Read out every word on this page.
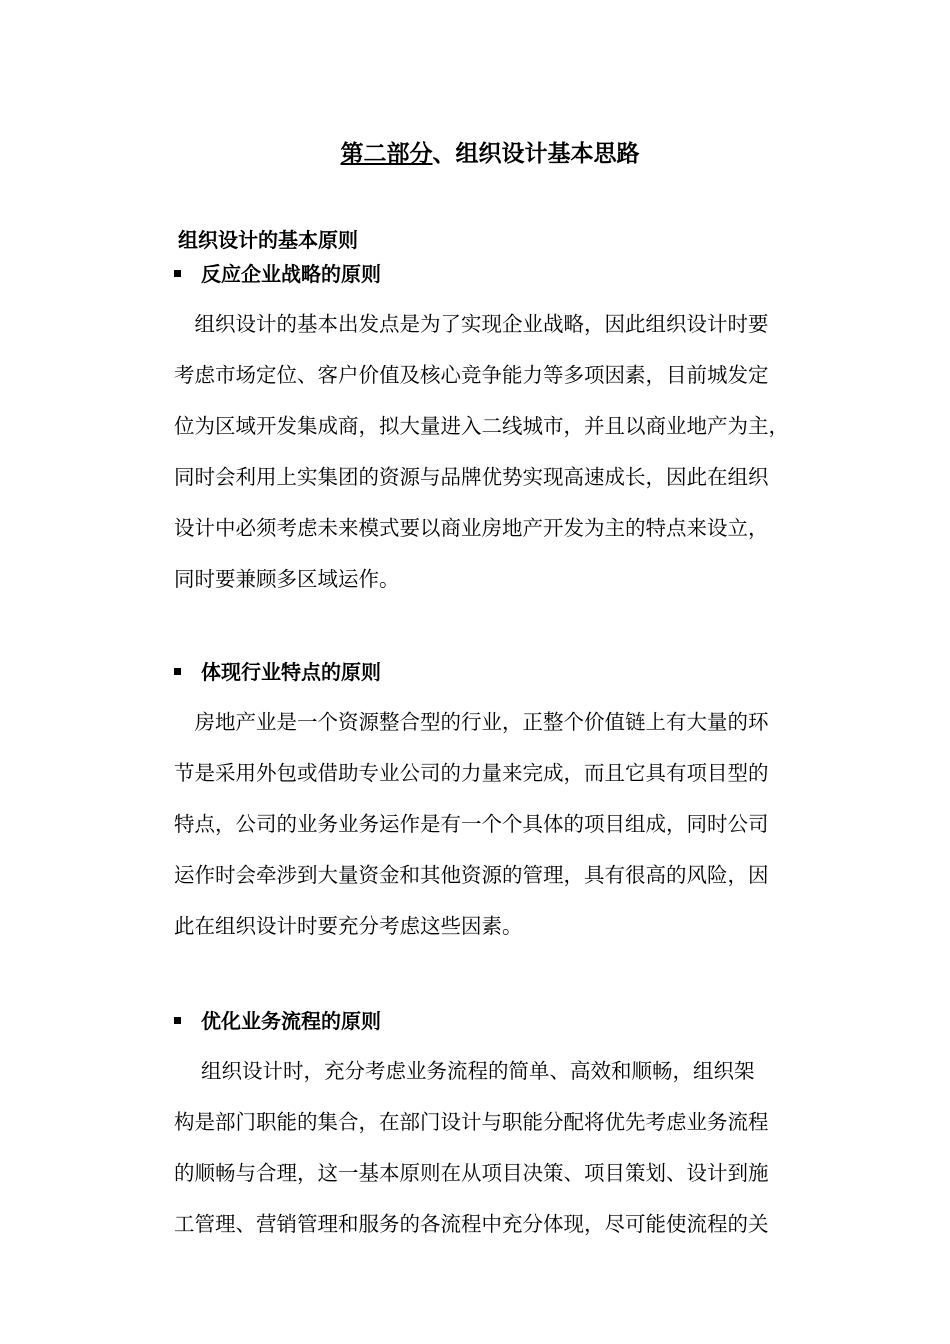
第二部分、组织设计基本思路
组织设计的基本原则
反应企业战略的原则
　组织设计的基本出发点是为了实现企业战略，因此组织设计时要
考虑市场定位、客户价值及核心竞争能力等多项因素，目前城发定
位为区域开发集成商，拟大量进入二线城市，并且以商业地产为主，
同时会利用上实集团的资源与品牌优势实现高速成长，因此在组织
设计中必须考虑未来模式要以商业房地产开发为主的特点来设立，
同时要兼顾多区域运作。
体现行业特点的原则
　房地产业是一个资源整合型的行业，正整个价值链上有大量的环
节是采用外包或借助专业公司的力量来完成，而且它具有项目型的
特点，公司的业务业务运作是有一个个具体的项目组成，同时公司
运作时会牵涉到大量资金和其他资源的管理，具有很高的风险，因
此在组织设计时要充分考虑这些因素。
优化业务流程的原则
　 组织设计时，充分考虑业务流程的简单、高效和顺畅，组织架
构是部门职能的集合，在部门设计与职能分配将优先考虑业务流程
的顺畅与合理，这一基本原则在从项目决策、项目策划、设计到施
工管理、营销管理和服务的各流程中充分体现，尽可能使流程的关
